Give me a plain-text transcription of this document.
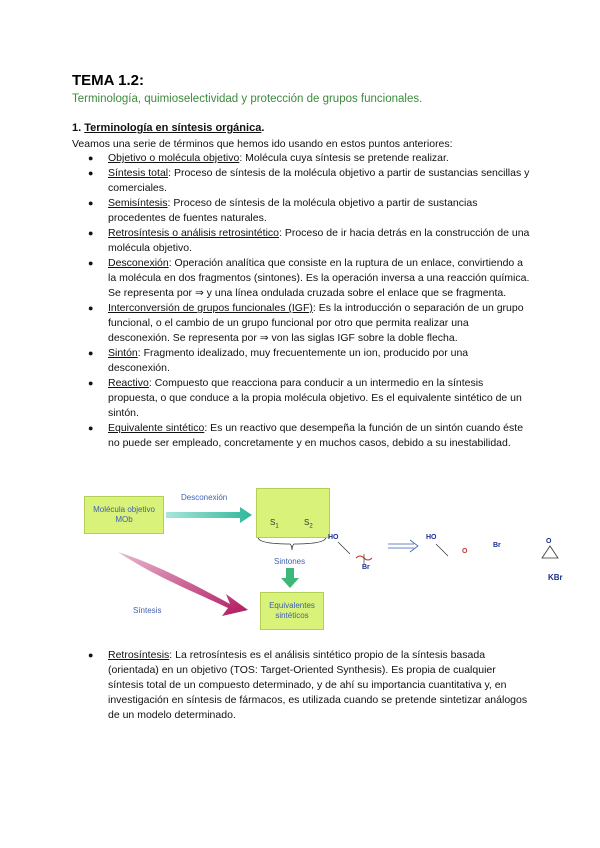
TEMA 1.2:
Terminología, quimioselectividad y protección de grupos funcionales.
1. Terminología en síntesis orgánica.
Veamos una serie de términos que hemos ido usando en estos puntos anteriores:
● Objetivo o molécula objetivo: Molécula cuya síntesis se pretende realizar.
● Síntesis total: Proceso de síntesis de la molécula objetivo a partir de sustancias sencillas y comerciales.
● Semisíntesis: Proceso de síntesis de la molécula objetivo a partir de sustancias procedentes de fuentes naturales.
● Retrosíntesis o análisis retrosintético: Proceso de ir hacia detrás en la construcción de una molécula objetivo.
● Desconexión: Operación analítica que consiste en la ruptura de un enlace, convirtiendo a la molécula en dos fragmentos (sintones). Es la operación inversa a una reacción química. Se representa por ⇒ y una línea ondulada cruzada sobre el enlace que se fragmenta.
● Interconversión de grupos funcionales (IGF): Es la introducción o separación de un grupo funcional, o el cambio de un grupo funcional por otro que permita realizar una desconexión. Se representa por ⇒ von las siglas IGF sobre la doble flecha.
● Sintón: Fragmento idealizado, muy frecuentemente un ion, producido por una desconexión.
● Reactivo: Compuesto que reacciona para conducir a un intermedio en la síntesis propuesta, o que conduce a la propia molécula objetivo. Es el equivalente sintético de un sintón.
● Equivalente sintético: Es un reactivo que desempeña la función de un sintón cuando éste no puede ser empleado, concretamente y en muchos casos, debido a su inestabilidad.
Molécula objetivo MOb
Desconexión
$S_1$	$S_2$
Sintones
Síntesis
Equivalentes sintéticos
HO
Br
HO
O
Br
O
KBr
● Retrosíntesis: La retrosíntesis es el análisis sintético propio de la síntesis basada (orientada) en un objetivo (TOS: Target-Oriented Synthesis). Es propia de cualquier síntesis total de un compuesto determinado, y de ahí su importancia cuantitativa y, en investigación en síntesis de fármacos, es utilizada cuando se pretende sintetizar análogos de un modelo determinado.
